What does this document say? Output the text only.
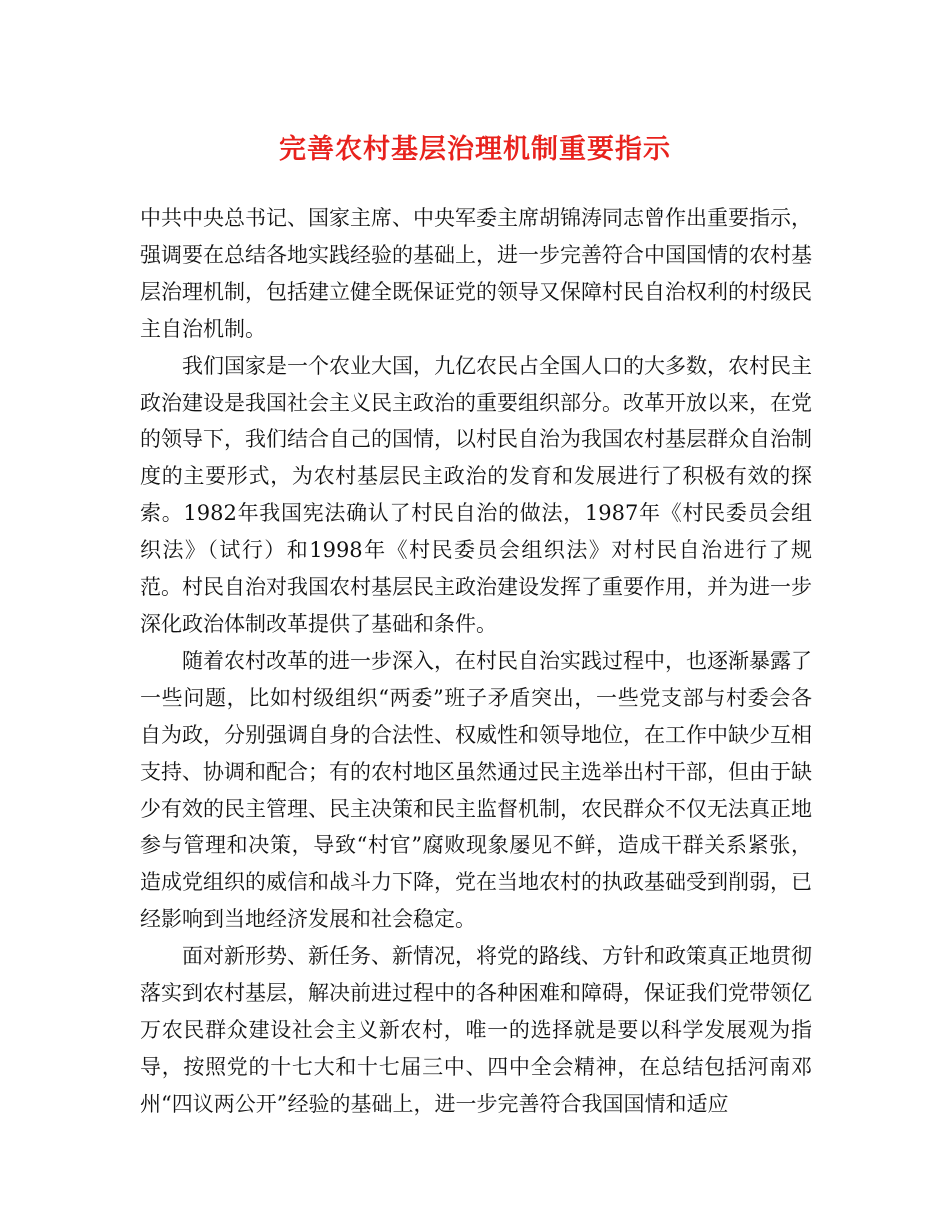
完善农村基层治理机制重要指示

中共中央总书记、国家主席、中央军委主席胡锦涛同志曾作出重要指示，强调要在总结各地实践经验的基础上，进一步完善符合中国国情的农村基层治理机制，包括建立健全既保证党的领导又保障村民自治权利的村级民主自治机制。

我们国家是一个农业大国，九亿农民占全国人口的大多数，农村民主政治建设是我国社会主义民主政治的重要组织部分。改革开放以来，在党的领导下，我们结合自己的国情，以村民自治为我国农村基层群众自治制度的主要形式，为农村基层民主政治的发育和发展进行了积极有效的探索。1982年我国宪法确认了村民自治的做法，1987年《村民委员会组织法》（试行）和1998年《村民委员会组织法》对村民自治进行了规范。村民自治对我国农村基层民主政治建设发挥了重要作用，并为进一步深化政治体制改革提供了基础和条件。

随着农村改革的进一步深入，在村民自治实践过程中，也逐渐暴露了一些问题，比如村级组织“两委”班子矛盾突出，一些党支部与村委会各自为政，分别强调自身的合法性、权威性和领导地位，在工作中缺少互相支持、协调和配合；有的农村地区虽然通过民主选举出村干部，但由于缺少有效的民主管理、民主决策和民主监督机制，农民群众不仅无法真正地参与管理和决策，导致“村官”腐败现象屡见不鲜，造成干群关系紧张，造成党组织的威信和战斗力下降，党在当地农村的执政基础受到削弱，已经影响到当地经济发展和社会稳定。

面对新形势、新任务、新情况，将党的路线、方针和政策真正地贯彻落实到农村基层，解决前进过程中的各种困难和障碍，保证我们党带领亿万农民群众建设社会主义新农村，唯一的选择就是要以科学发展观为指导，按照党的十七大和十七届三中、四中全会精神，在总结包括河南邓州“四议两公开”经验的基础上，进一步完善符合我国国情和适应
